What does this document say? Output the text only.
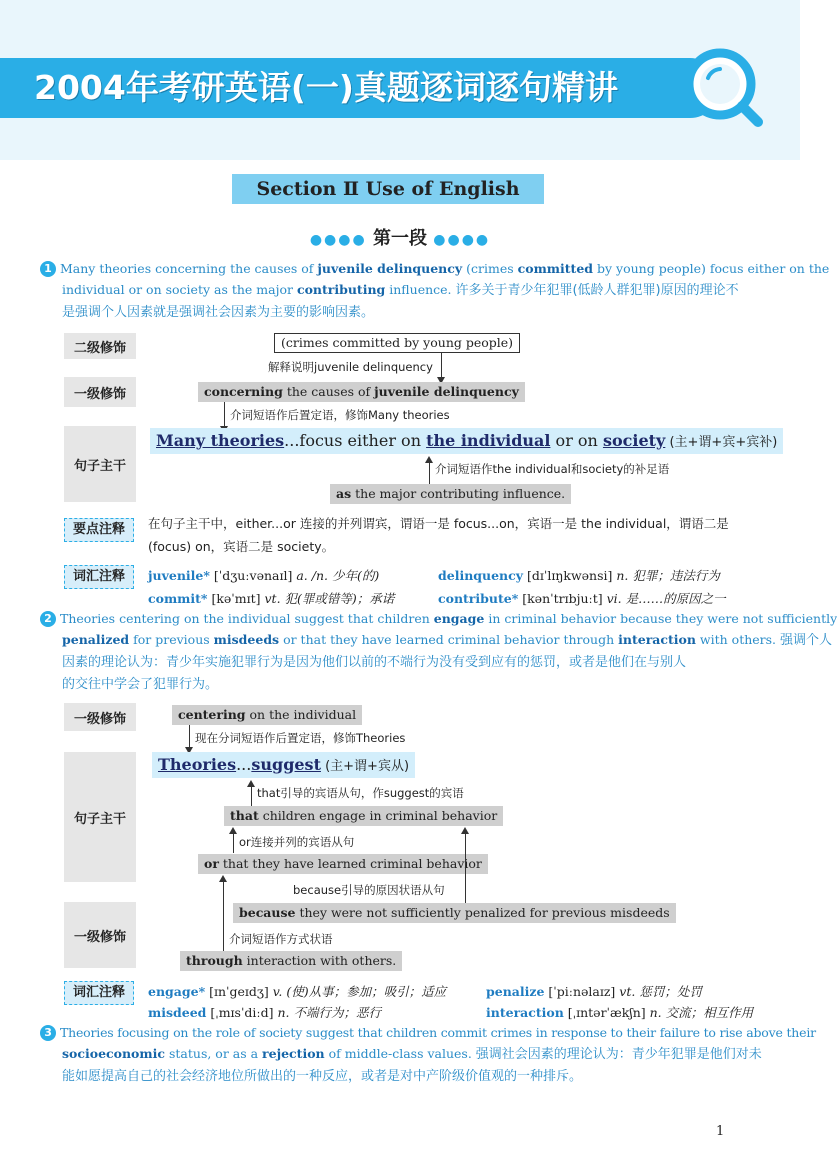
2004年考研英语(一)真题逐词逐句精讲
Section Ⅱ Use of English
●●●● 第一段 ●●●●
1 Many theories concerning the causes of juvenile delinquency (crimes committed by young people) focus either on the
individual or on society as the major contributing influence. 许多关于青少年犯罪(低龄人群犯罪)原因的理论不
是强调个人因素就是强调社会因素为主要的影响因素。
二级修饰
一级修饰
句子主干
(crimes committed by young people)
解释说明juvenile delinquency
concerning the causes of juvenile delinquency
介词短语作后置定语，修饰Many theories
Many theories...focus either on the individual or on society (主+谓+宾+宾补)
介词短语作the individual和society的补足语
as the major contributing influence.
要点注释	在句子主干中，either...or 连接的并列谓宾，谓语一是 focus...on，宾语一是 the individual，谓语二是
(focus) on，宾语二是 society。
词汇注释	juvenile* [ˈdʒuːvənaɪl] a. /n. 少年(的)	delinquency [dɪˈlɪŋkwənsi] n. 犯罪；违法行为
commit* [kəˈmɪt] vt. 犯(罪或错等)；承诺	contribute* [kənˈtrɪbjuːt] vi. 是……的原因之一
2 Theories centering on the individual suggest that children engage in criminal behavior because they were not sufficiently
penalized for previous misdeeds or that they have learned criminal behavior through interaction with others. 强调个人
因素的理论认为：青少年实施犯罪行为是因为他们以前的不端行为没有受到应有的惩罚，或者是他们在与别人
的交往中学会了犯罪行为。
一级修饰
句子主干
一级修饰
centering on the individual
现在分词短语作后置定语，修饰Theories
Theories...suggest (主+谓+宾从)
that引导的宾语从句，作suggest的宾语
that children engage in criminal behavior
or连接并列的宾语从句
or that they have learned criminal behavior
because引导的原因状语从句
because they were not sufficiently penalized for previous misdeeds
介词短语作方式状语
through interaction with others.
词汇注释	engage* [ɪnˈgeɪdʒ] v. (使)从事；参加；吸引；适应	penalize [ˈpiːnəlaɪz] vt. 惩罚；处罚
misdeed [ˌmɪsˈdiːd] n. 不端行为；恶行	interaction [ˌɪntərˈækʃn] n. 交流；相互作用
3 Theories focusing on the role of society suggest that children commit crimes in response to their failure to rise above their
socioeconomic status, or as a rejection of middle-class values. 强调社会因素的理论认为：青少年犯罪是他们对未
能如愿提高自己的社会经济地位所做出的一种反应，或者是对中产阶级价值观的一种排斥。
1
